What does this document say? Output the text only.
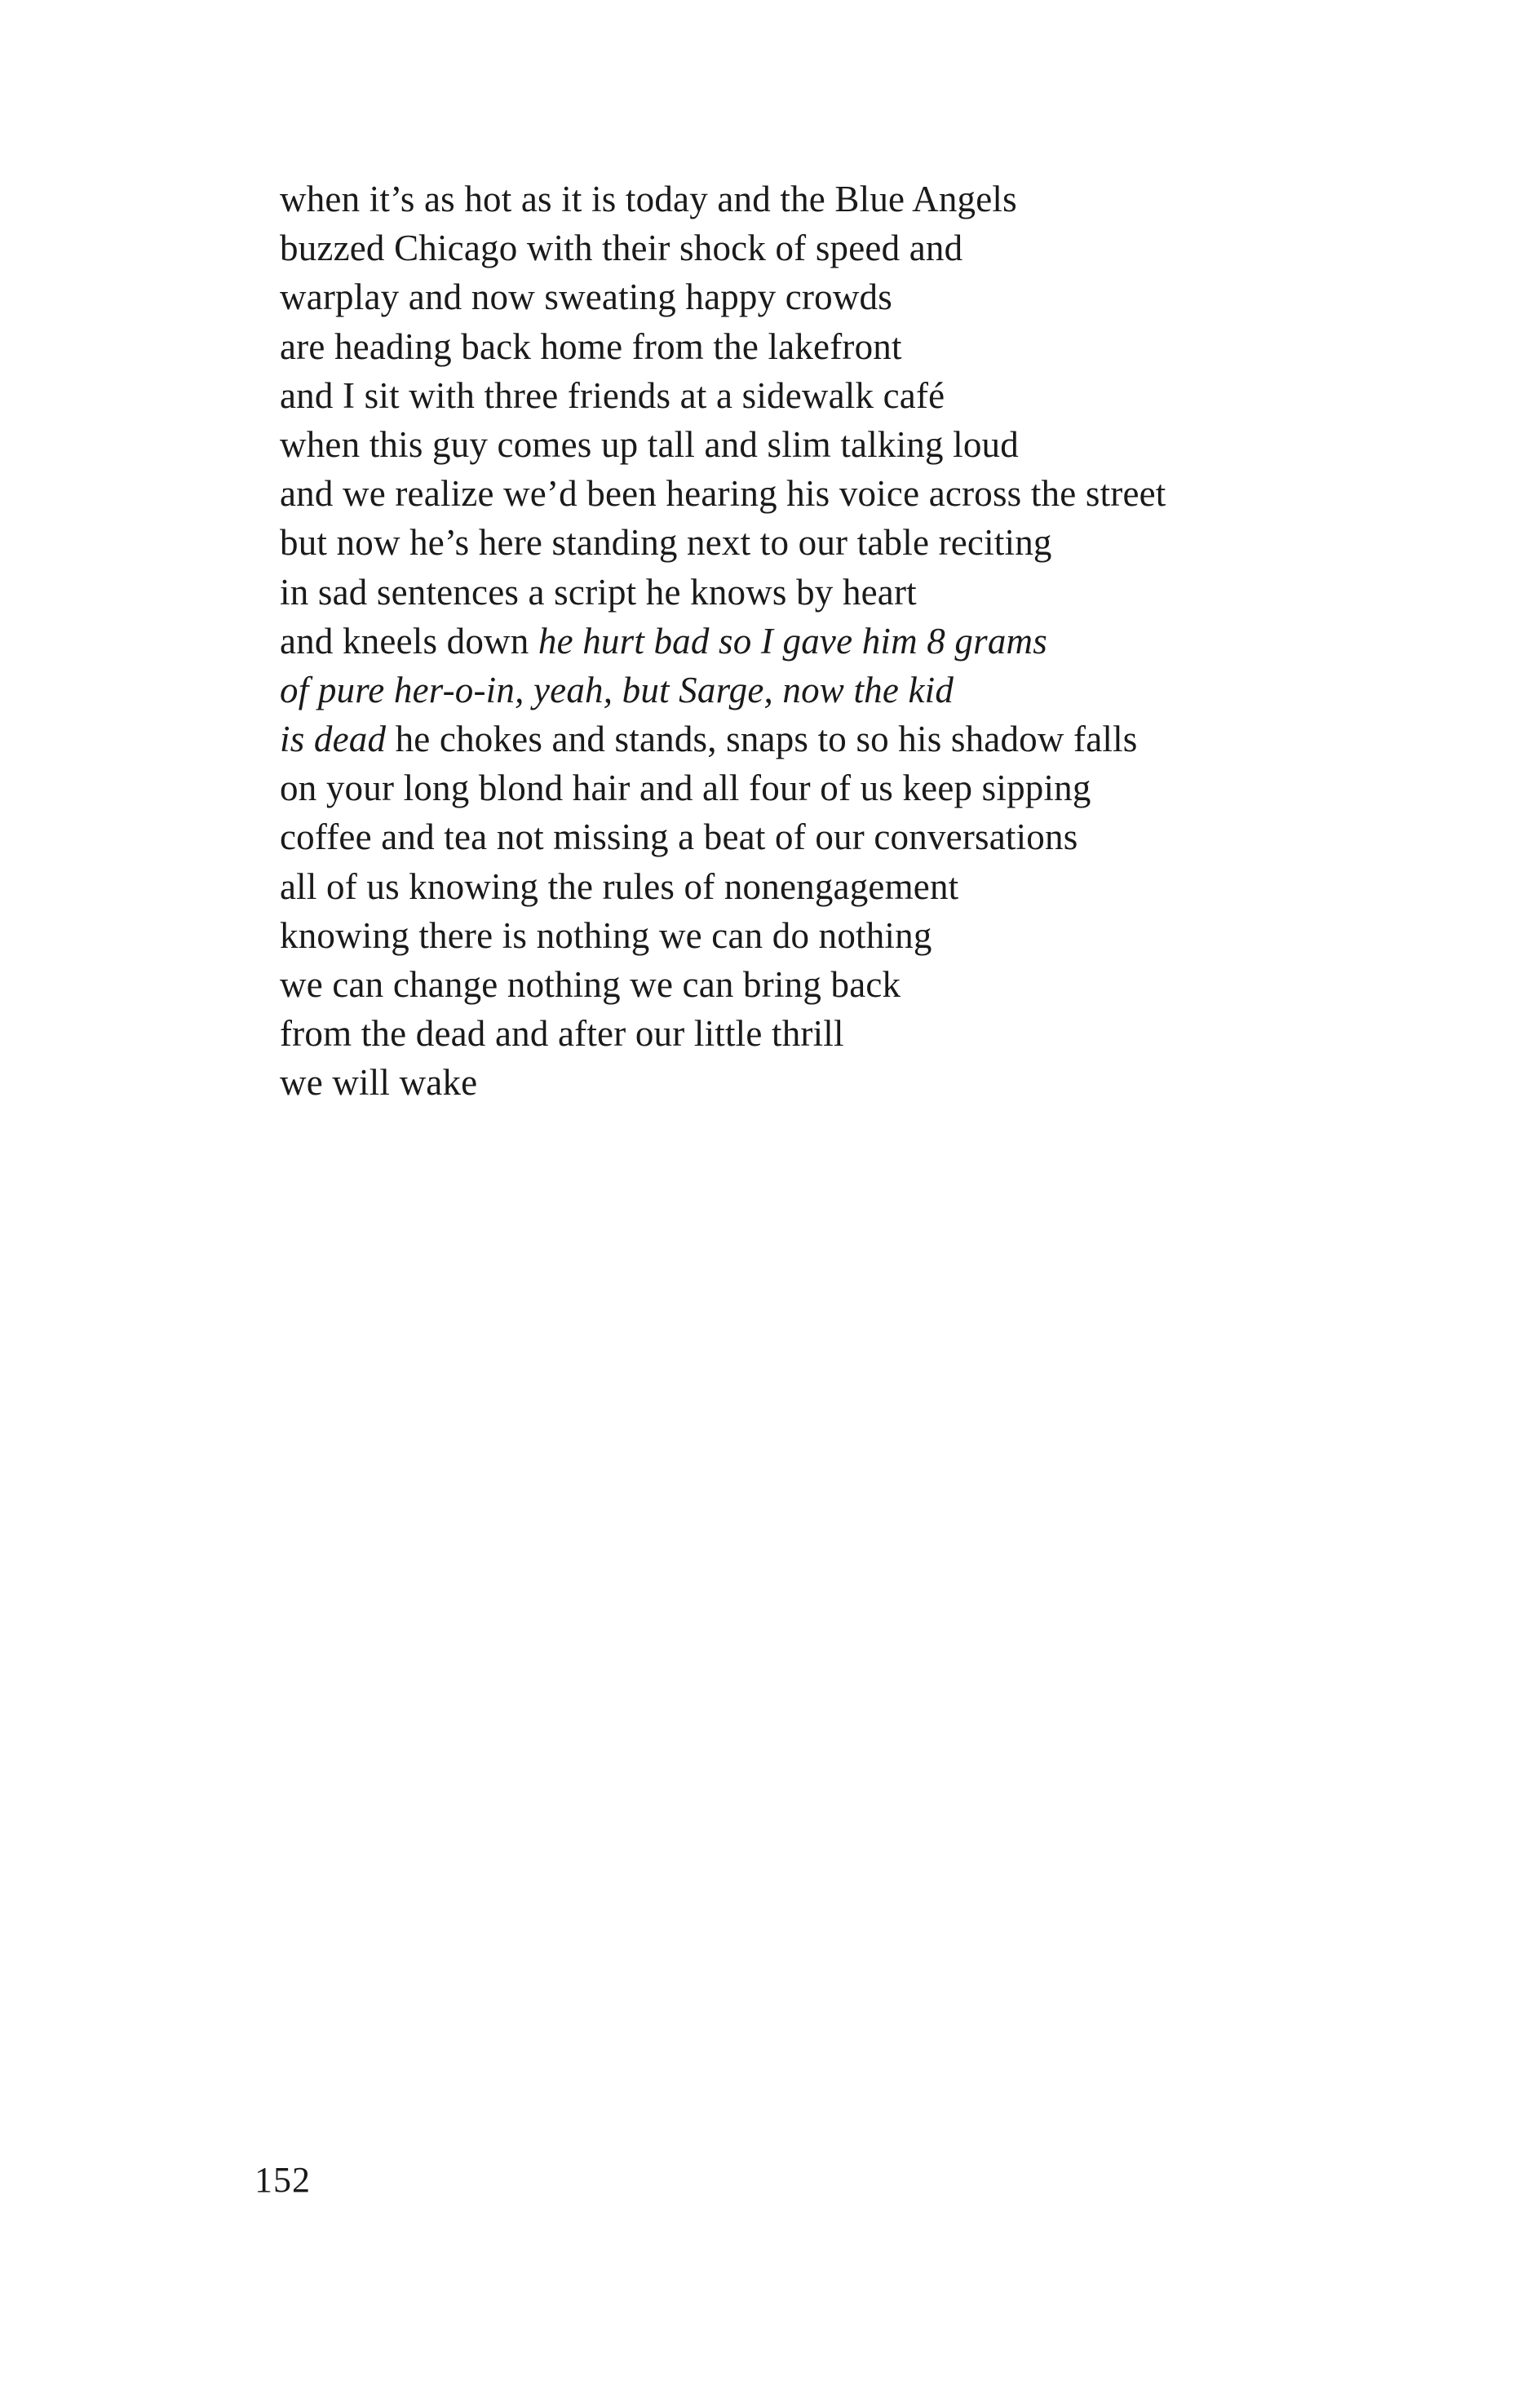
when it’s as hot as it is today and the Blue Angels
buzzed Chicago with their shock of speed and
warplay and now sweating happy crowds
are heading back home from the lakefront
and I sit with three friends at a sidewalk café
when this guy comes up tall and slim talking loud
and we realize we’d been hearing his voice across the street
but now he’s here standing next to our table reciting
in sad sentences a script he knows by heart
and kneels down he hurt bad so I gave him 8 grams
of pure her-o-in, yeah, but Sarge, now the kid
is dead he chokes and stands, snaps to so his shadow falls
on your long blond hair and all four of us keep sipping
coffee and tea not missing a beat of our conversations
all of us knowing the rules of nonengagement
knowing there is nothing we can do nothing
we can change nothing we can bring back
from the dead and after our little thrill
we will wake
152
